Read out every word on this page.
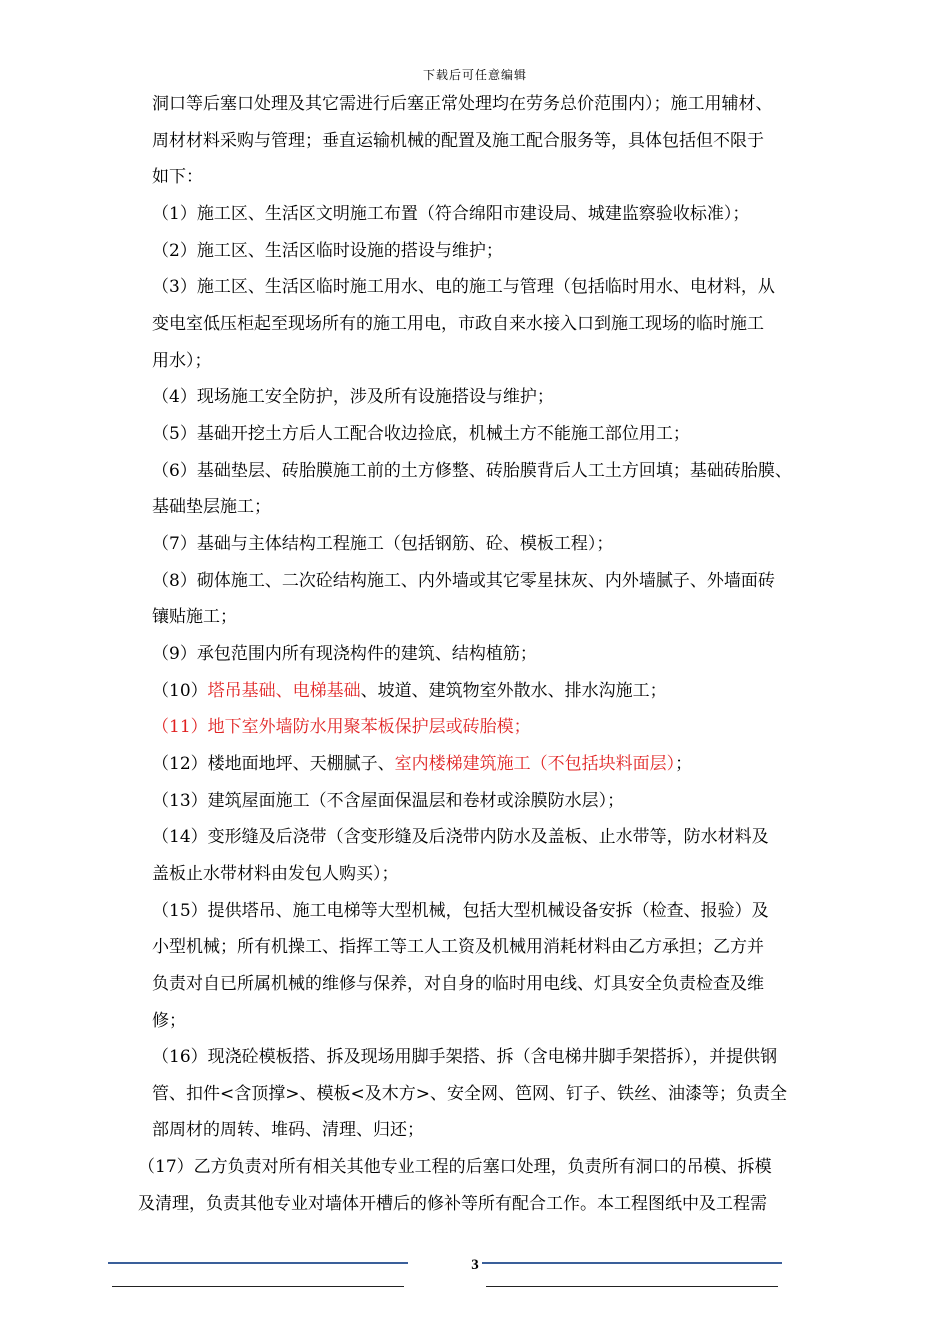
下载后可任意编辑
洞口等后塞口处理及其它需进行后塞正常处理均在劳务总价范围内）；施工用辅材、
周材材料采购与管理；垂直运输机械的配置及施工配合服务等，具体包括但不限于
如下：
（1）施工区、生活区文明施工布置（符合绵阳市建设局、城建监察验收标准）；
（2）施工区、生活区临时设施的搭设与维护；
（3）施工区、生活区临时施工用水、电的施工与管理（包括临时用水、电材料，从
变电室低压柜起至现场所有的施工用电，市政自来水接入口到施工现场的临时施工
用水）；
（4）现场施工安全防护，涉及所有设施搭设与维护；
（5）基础开挖土方后人工配合收边捡底，机械土方不能施工部位用工；
（6）基础垫层、砖胎膜施工前的土方修整、砖胎膜背后人工土方回填；基础砖胎膜、
基础垫层施工；
（7）基础与主体结构工程施工（包括钢筋、砼、模板工程）；
（8）砌体施工、二次砼结构施工、内外墙或其它零星抹灰、内外墙腻子、外墙面砖
镶贴施工；
（9）承包范围内所有现浇构件的建筑、结构植筋；
（10）塔吊基础、电梯基础、坡道、建筑物室外散水、排水沟施工；
（11）地下室外墙防水用聚苯板保护层或砖胎模；
（12）楼地面地坪、天棚腻子、室内楼梯建筑施工（不包括块料面层）；
（13）建筑屋面施工（不含屋面保温层和卷材或涂膜防水层）；
（14）变形缝及后浇带（含变形缝及后浇带内防水及盖板、止水带等，防水材料及
盖板止水带材料由发包人购买）；
（15）提供塔吊、施工电梯等大型机械，包括大型机械设备安拆（检查、报验）及
小型机械；所有机操工、指挥工等工人工资及机械用消耗材料由乙方承担；乙方并
负责对自已所属机械的维修与保养，对自身的临时用电线、灯具安全负责检查及维
修；
（16）现浇砼模板搭、拆及现场用脚手架搭、拆（含电梯井脚手架搭拆），并提供钢
管、扣件<含顶撑>、模板<及木方>、安全网、笆网、钉子、铁丝、油漆等；负责全
部周材的周转、堆码、清理、归还；
（17）乙方负责对所有相关其他专业工程的后塞口处理，负责所有洞口的吊模、拆模
及清理，负责其他专业对墙体开槽后的修补等所有配合工作。本工程图纸中及工程需
3
